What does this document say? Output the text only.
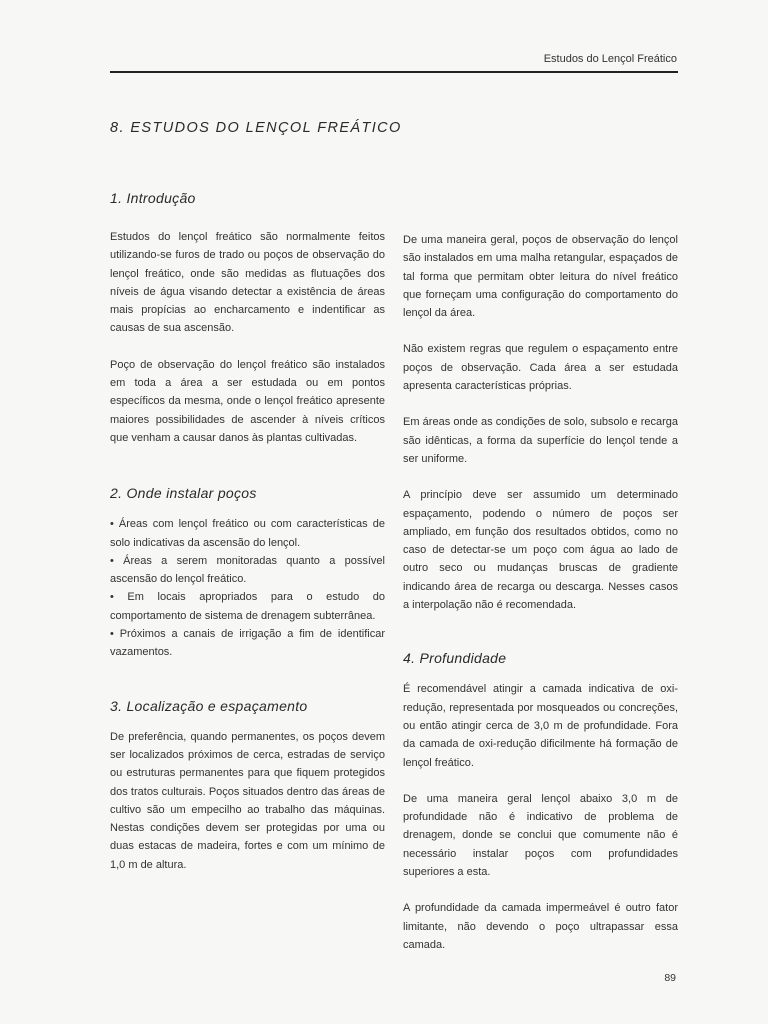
Estudos do Lençol Freático
8. ESTUDOS DO LENÇOL FREÁTICO
1. Introdução

Estudos do lençol freático são normalmente feitos utilizando-se furos de trado ou poços de observação do lençol freático, onde são medidas as flutuações dos níveis de água visando detectar a existência de áreas mais propícias ao encharcamento e indentificar as causas de sua ascensão.

Poço de observação do lençol freático são instalados em toda a área a ser estudada ou em pontos específicos da mesma, onde o lençol freático apresente maiores possibilidades de ascender à níveis críticos que venham a causar danos às plantas cultivadas.

2. Onde instalar poços

• Áreas com lençol freático ou com características de solo indicativas da ascensão do lençol.

• Áreas a serem monitoradas quanto a possível ascensão do lençol freático.

• Em locais apropriados para o estudo do comportamento de sistema de drenagem subterrânea.

• Próximos a canais de irrigação a fim de identificar vazamentos.

3. Localização e espaçamento

De preferência, quando permanentes, os poços devem ser localizados próximos de cerca, estradas de serviço ou estruturas permanentes para que fiquem protegidos dos tratos culturais. Poços situados dentro das áreas de cultivo são um empecilho ao trabalho das máquinas. Nestas condições devem ser protegidas por uma ou duas estacas de madeira, fortes e com um mínimo de 1,0 m de altura.

De uma maneira geral, poços de observação do lençol são instalados em uma malha retangular, espaçados de tal forma que permitam obter leitura do nível freático que forneçam uma configuração do comportamento do lençol da área.

Não existem regras que regulem o espaçamento entre poços de observação. Cada área a ser estudada apresenta características próprias.

Em áreas onde as condições de solo, subsolo e recarga são idênticas, a forma da superfície do lençol tende a ser uniforme.

A princípio deve ser assumido um determinado espaçamento, podendo o número de poços ser ampliado, em função dos resultados obtidos, como no caso de detectar-se um poço com água ao lado de outro seco ou mudanças bruscas de gradiente indicando área de recarga ou descarga. Nesses casos a interpolação não é recomendada.

4. Profundidade

É recomendável atingir a camada indicativa de oxi-redução, representada por mosqueados ou concreções, ou então atingir cerca de 3,0 m de profundidade. Fora da camada de oxi-redução dificilmente há formação de lençol freático.

De uma maneira geral lençol abaixo 3,0 m de profundidade não é indicativo de problema de drenagem, donde se conclui que comumente não é necessário instalar poços com profundidades superiores a esta.

A profundidade da camada impermeável é outro fator limitante, não devendo o poço ultrapassar essa camada.

89
